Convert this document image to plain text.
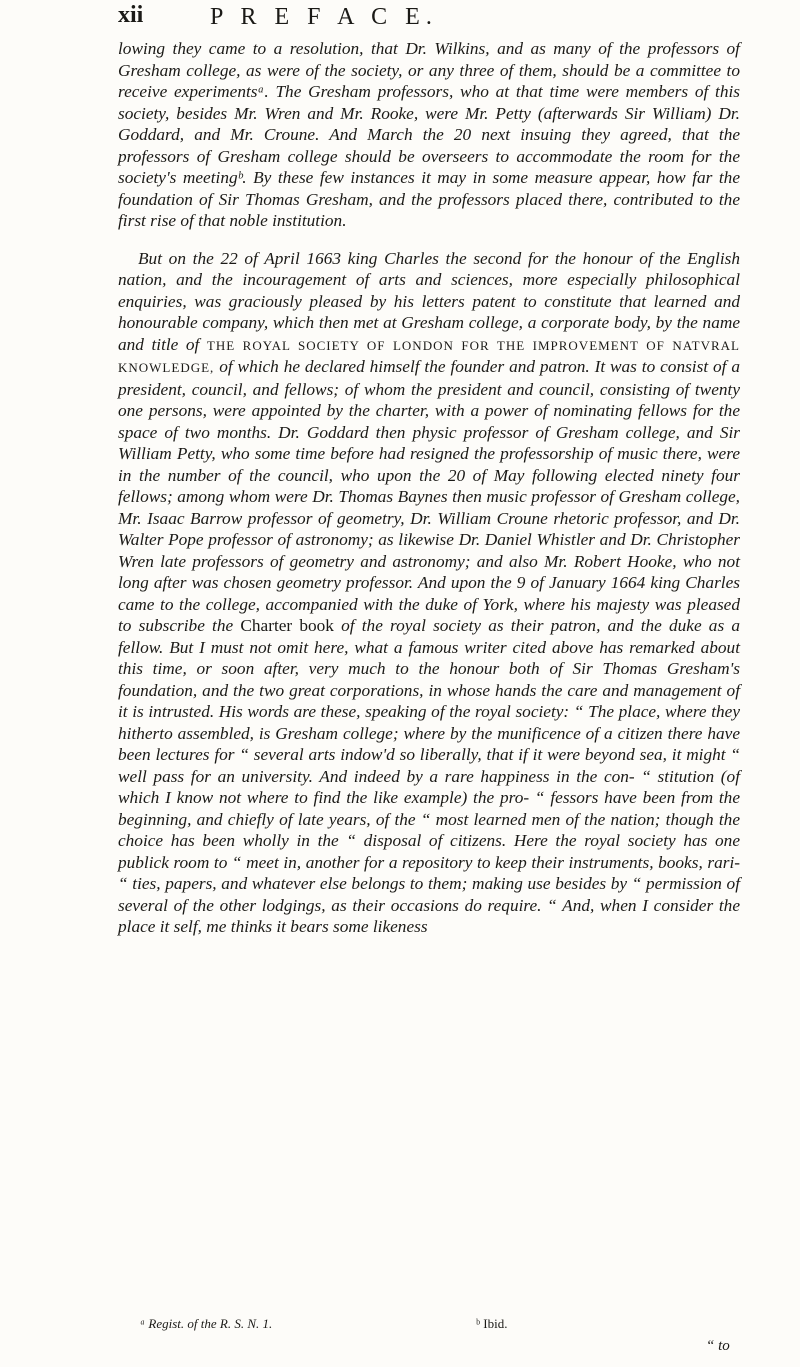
xii	P R E F A C E.

lowing they came to a resolution, that Dr. Wilkins, and as many of the professors of Gresham college, as were of the society, or any three of them, should be a committee to receive experimentsᵃ. The Gresham professors, who at that time were members of this society, besides Mr. Wren and Mr. Rooke, were Mr. Petty (afterwards Sir William) Dr. Goddard, and Mr. Croune. And March the 20 next insuing they agreed, that the professors of Gresham college should be overseers to accommodate the room for the society's meetingᵇ. By these few instances it may in some measure appear, how far the foundation of Sir Thomas Gresham, and the professors placed there, contributed to the first rise of that noble institution.

But on the 22 of April 1663 king Charles the second for the honour of the English nation, and the incouragement of arts and sciences, more especially philosophical enquiries, was graciously pleased by his letters patent to constitute that learned and honourable company, which then met at Gresham college, a corporate body, by the name and title of THE ROYAL SOCIETY OF LONDON FOR THE IMPROVEMENT OF NATVRAL KNOWLEDGE, of which he declared himself the founder and patron. It was to consist of a president, council, and fellows; of whom the president and council, consisting of twenty one persons, were appointed by the charter, with a power of nominating fellows for the space of two months. Dr. Goddard then physic professor of Gresham college, and Sir William Petty, who some time before had resigned the professorship of music there, were in the number of the council, who upon the 20 of May following elected ninety four fellows; among whom were Dr. Thomas Baynes then music professor of Gresham college, Mr. Isaac Barrow professor of geometry, Dr. William Croune rhetoric professor, and Dr. Walter Pope professor of astronomy; as likewise Dr. Daniel Whistler and Dr. Christopher Wren late professors of geometry and astronomy; and also Mr. Robert Hooke, who not long after was chosen geometry professor. And upon the 9 of January 1664 king Charles came to the college, accompanied with the duke of York, where his majesty was pleased to subscribe the Charter book of the royal society as their patron, and the duke as a fellow. But I must not omit here, what a famous writer cited above has remarked about this time, or soon after, very much to the honour both of Sir Thomas Gresham's foundation, and the two great corporations, in whose hands the care and management of it is intrusted. His words are these, speaking of the royal society: “ The place, where they hitherto assembled, is Gresham college; where by the munificence of a citizen there have been lectures for “ several arts indow'd so liberally, that if it were beyond sea, it might “ well pass for an university. And indeed by a rare happiness in the con- “ stitution (of which I know not where to find the like example) the pro- “ fessors have been from the beginning, and chiefly of late years, of the “ most learned men of the nation; though the choice has been wholly in the “ disposal of citizens. Here the royal society has one publick room to “ meet in, another for a repository to keep their instruments, books, rari- “ ties, papers, and whatever else belongs to them; making use besides by “ permission of several of the other lodgings, as their occasions do require. “ And, when I consider the place it self, me thinks it bears some likeness

ᵃ Regist. of the R. S. N. 1.	ᵇ Ibid.
“ to
